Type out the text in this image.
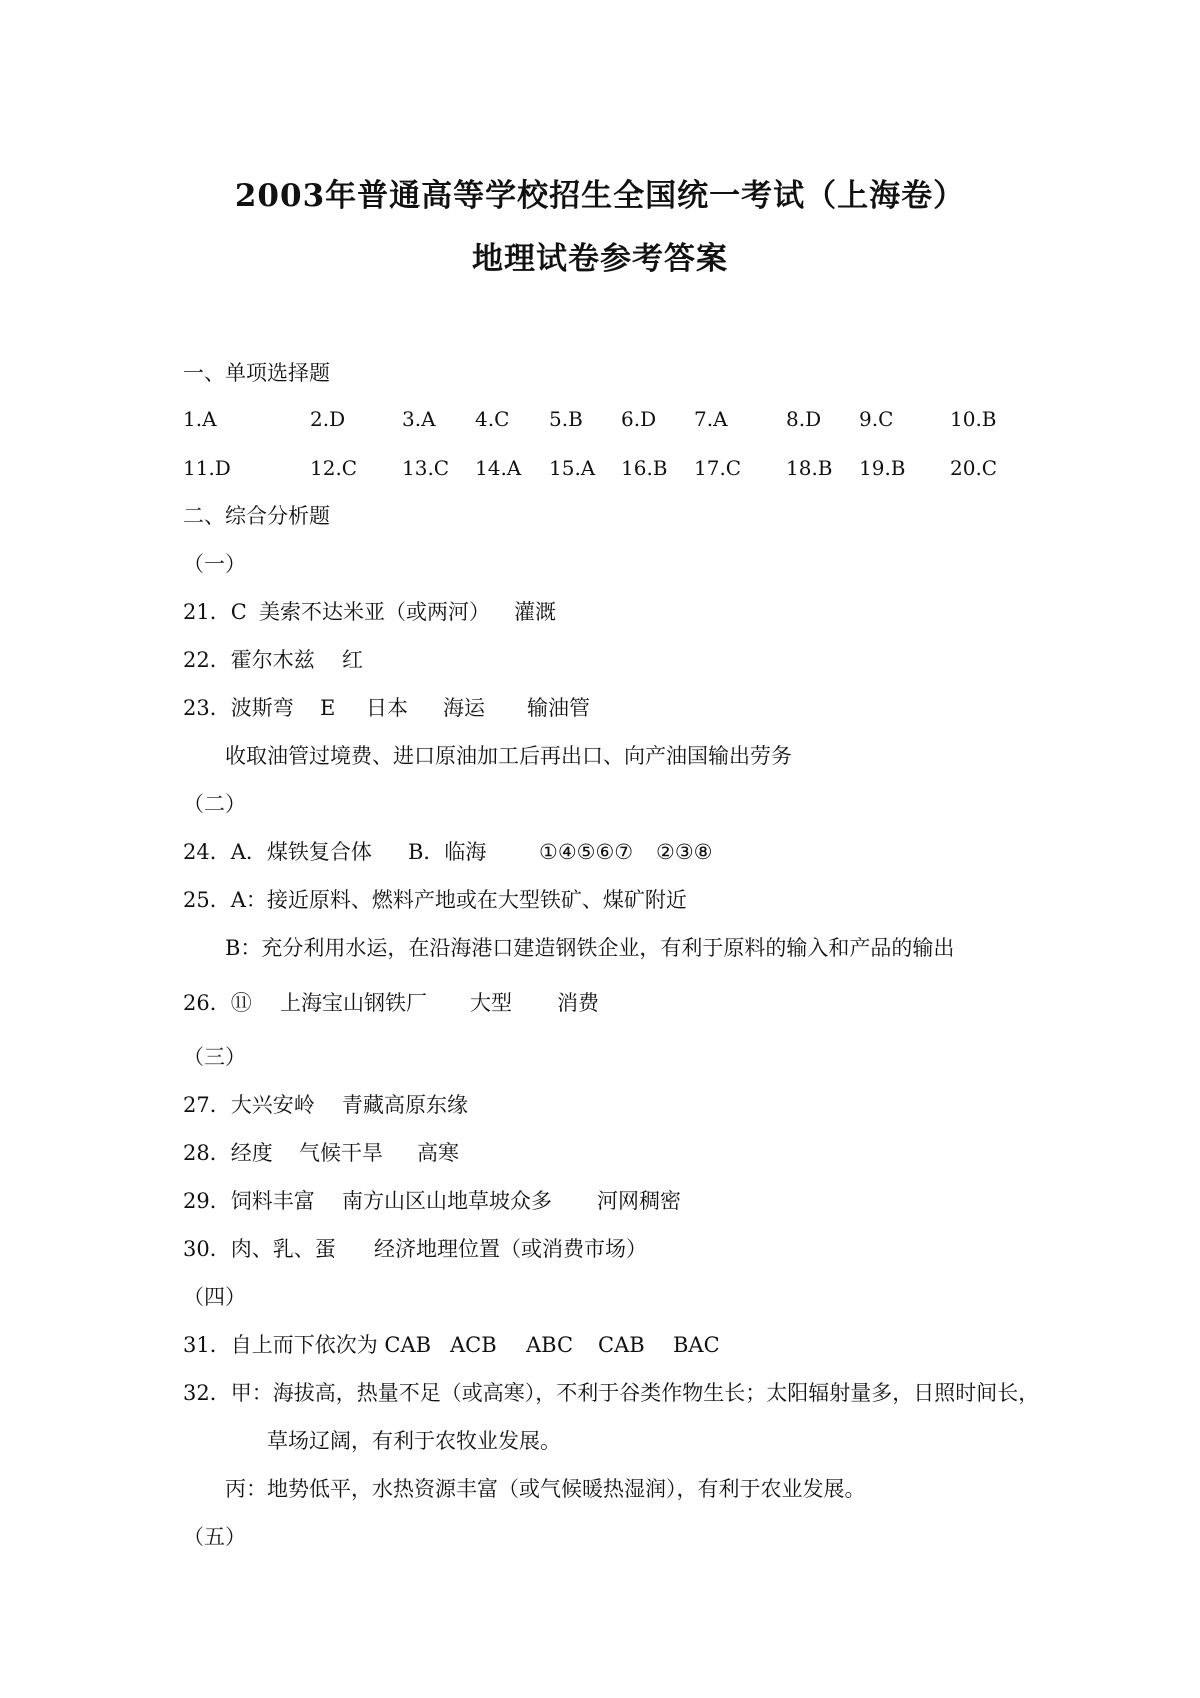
2003年普通高等学校招生全国统一考试（上海卷）
地理试卷参考答案
一、单项选择题
1.A	2.D	3.A 4.C 5.B 6.D 7.A	8.D 9.C	10.B
11.D	12.C 13.C 14.A 15.A 16.B 17.C 18.B 19.B 20.C
二、综合分析题
（一）
21．C 美索不达米亚（或两河） 灌溉
22．霍尔木兹 红
23．波斯弯 E 日本 海运 输油管
收取油管过境费、进口原油加工后再出口、向产油国输出劳务
（二）
24．A．煤铁复合体 B．临海	①④⑤⑥⑦ ②③⑧
25．A：接近原料、燃料产地或在大型铁矿、煤矿附近
B：充分利用水运，在沿海港口建造钢铁企业，有利于原料的输入和产品的输出
26．⑪ 上海宝山钢铁厂 大型 消费
（三）
27．大兴安岭 青藏高原东缘
28．经度 气候干旱 高寒
29．饲料丰富 南方山区山地草坡众多 河网稠密
30．肉、乳、蛋 经济地理位置（或消费市场）
（四）
31．自上而下依次为 CAB ACB ABC CAB BAC
32．甲：海拔高，热量不足（或高寒），不利于谷类作物生长；太阳辐射量多，日照时间长，
草场辽阔，有利于农牧业发展。
丙：地势低平，水热资源丰富（或气候暖热湿润），有利于农业发展。
（五）
